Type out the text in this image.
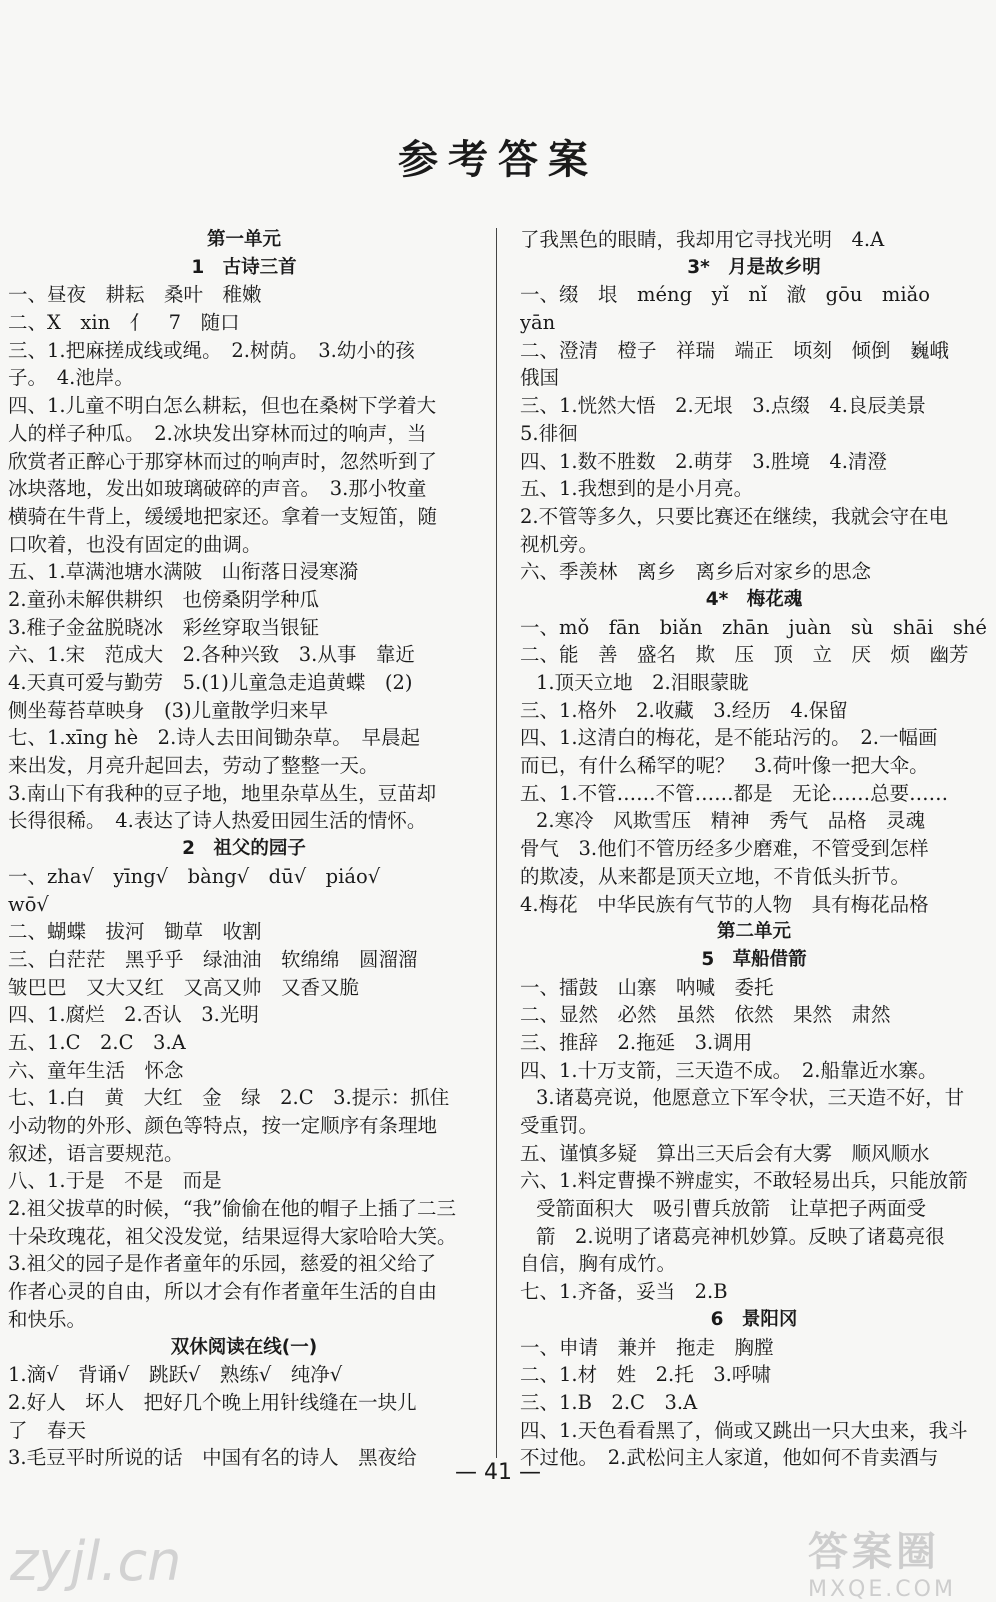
参考答案
第一单元
1　古诗三首
一、昼夜　耕耘　桑叶　稚嫩
二、X　xin　亻　7　随口
三、1.把麻搓成线或绳。　2.树荫。　3.幼小的孩
子。　4.池岸。
四、1.儿童不明白怎么耕耘，但也在桑树下学着大
人的样子种瓜。　2.冰块发出穿林而过的响声，当
欣赏者正醉心于那穿林而过的响声时，忽然听到了
冰块落地，发出如玻璃破碎的声音。　3.那小牧童
横骑在牛背上，缓缓地把家还。拿着一支短笛，随
口吹着，也没有固定的曲调。
五、1.草满池塘水满陂　山衔落日浸寒漪
2.童孙未解供耕织　也傍桑阴学种瓜
3.稚子金盆脱晓冰　彩丝穿取当银钲
六、1.宋　范成大　2.各种兴致　3.从事　靠近
4.天真可爱与勤劳　5.(1)儿童急走追黄蝶　(2)
侧坐莓苔草映身　(3)儿童散学归来早
七、1.xīng hè　2.诗人去田间锄杂草。　早晨起
来出发，月亮升起回去，劳动了整整一天。
3.南山下有我种的豆子地，地里杂草丛生，豆苗却
长得很稀。　4.表达了诗人热爱田园生活的情怀。
2　祖父的园子
一、zha√　yīng√　bàng√　dū√　piáo√
wō√
二、蝴蝶　拔河　锄草　收割
三、白茫茫　黑乎乎　绿油油　软绵绵　圆溜溜
皱巴巴　又大又红　又高又帅　又香又脆
四、1.腐烂　2.否认　3.光明
五、1.C　2.C　3.A
六、童年生活　怀念
七、1.白　黄　大红　金　绿　2.C　3.提示：抓住
小动物的外形、颜色等特点，按一定顺序有条理地
叙述，语言要规范。
八、1.于是　不是　而是
2.祖父拔草的时候，“我”偷偷在他的帽子上插了二三
十朵玫瑰花，祖父没发觉，结果逗得大家哈哈大笑。
3.祖父的园子是作者童年的乐园，慈爱的祖父给了
作者心灵的自由，所以才会有作者童年生活的自由
和快乐。
双休阅读在线(一)
1.滴√　背诵√　跳跃√　熟练√　纯净√
2.好人　坏人　把好几个晚上用针线缝在一块儿
了　春天
3.毛豆平时所说的话　中国有名的诗人　黑夜给
了我黑色的眼睛，我却用它寻找光明　4.A
3*　月是故乡明
一、缀　垠　méng　yǐ　nǐ　澈　gōu　miǎo
yān
二、澄清　橙子　祥瑞　端正　顷刻　倾倒　巍峨
俄国
三、1.恍然大悟　2.无垠　3.点缀　4.良辰美景
5.徘徊
四、1.数不胜数　2.萌芽　3.胜境　4.清澄
五、1.我想到的是小月亮。
2.不管等多久，只要比赛还在继续，我就会守在电
视机旁。
六、季羡林　离乡　离乡后对家乡的思念
4*　梅花魂
一、mǒ　fān　biǎn　zhān　juàn　sù　shāi　shé
二、能　善　盛名　欺　压　顶　立　厌　烦　幽芳
1.顶天立地　2.泪眼蒙眬
三、1.格外　2.收藏　3.经历　4.保留
四、1.这清白的梅花，是不能玷污的。　2.一幅画
而已，有什么稀罕的呢？　3.荷叶像一把大伞。
五、1.不管……不管……都是　无论……总要……
2.寒冷　风欺雪压　精神　秀气　品格　灵魂
骨气　3.他们不管历经多少磨难，不管受到怎样
的欺凌，从来都是顶天立地，不肯低头折节。
4.梅花　中华民族有气节的人物　具有梅花品格
第二单元
5　草船借箭
一、擂鼓　山寨　呐喊　委托
二、显然　必然　虽然　依然　果然　肃然
三、推辞　2.拖延　3.调用
四、1.十万支箭，三天造不成。　2.船靠近水寨。
3.诸葛亮说，他愿意立下军令状，三天造不好，甘
受重罚。
五、谨慎多疑　算出三天后会有大雾　顺风顺水
六、1.料定曹操不辨虚实，不敢轻易出兵，只能放箭
受箭面积大　吸引曹兵放箭　让草把子两面受
箭　2.说明了诸葛亮神机妙算。反映了诸葛亮很
自信，胸有成竹。
七、1.齐备，妥当　2.B
6　景阳冈
一、申请　兼并　拖走　胸膛
二、1.材　姓　2.托　3.呼啸
三、1.B　2.C　3.A
四、1.天色看看黑了，倘或又跳出一只大虫来，我斗
不过他。　2.武松问主人家道，他如何不肯卖酒与
— 41 —
zyjl.cn	答案圈
MXQE.COM
